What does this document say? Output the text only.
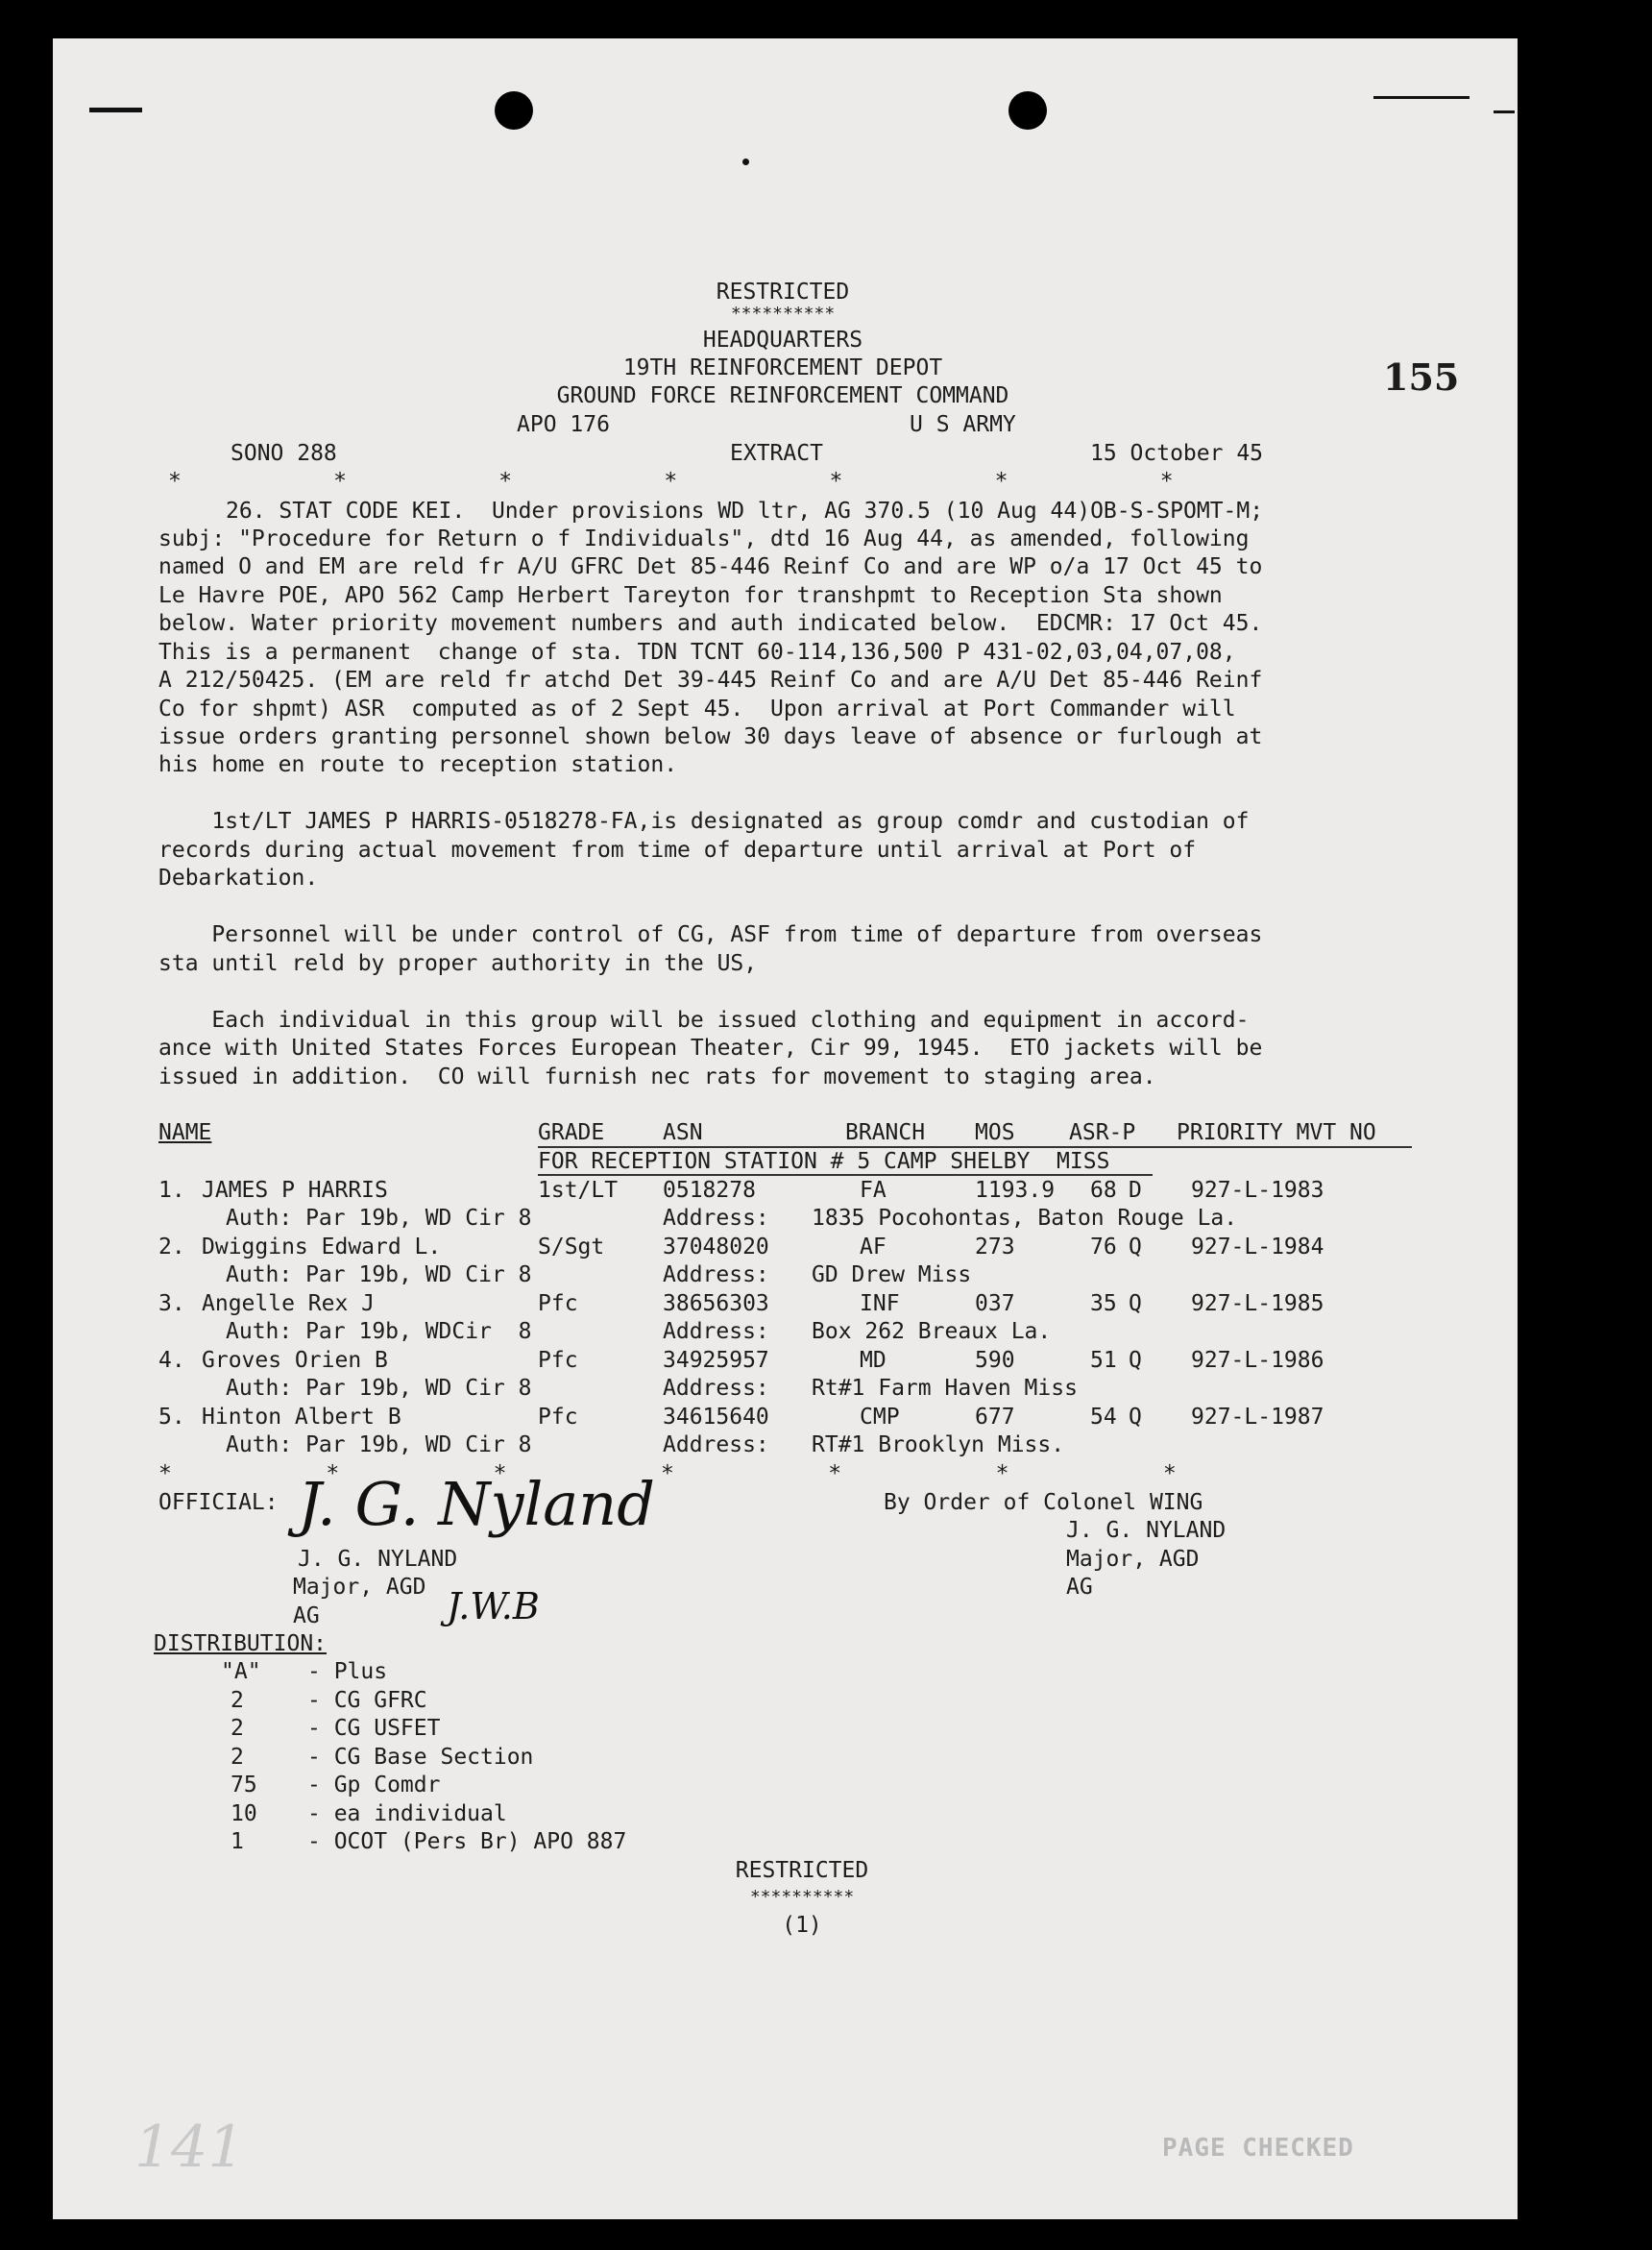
RESTRICTED
**********
HEADQUARTERS
19TH REINFORCEMENT DEPOT
GROUND FORCE REINFORCEMENT COMMAND
APO 176	U S ARMY
155
SONO 288	EXTRACT	15 October 45
*          *          *          *          *          *          *
26. STAT CODE KEI.  Under provisions WD ltr, AG 370.5 (10 Aug 44)OB-S-SPOMT-M;
subj: "Procedure for Return o f Individuals", dtd 16 Aug 44, as amended, following
named O and EM are reld fr A/U GFRC Det 85-446 Reinf Co and are WP o/a 17 Oct 45 to
Le Havre POE, APO 562 Camp Herbert Tareyton for transhpmt to Reception Sta shown
below. Water priority movement numbers and auth indicated below.  EDCMR: 17 Oct 45.
This is a permanent  change of sta. TDN TCNT 60-114,136,500 P 431-02,03,04,07,08,
A 212/50425. (EM are reld fr atchd Det 39-445 Reinf Co and are A/U Det 85-446 Reinf
Co for shpmt) ASR  computed as of 2 Sept 45.  Upon arrival at Port Commander will
issue orders granting personnel shown below 30 days leave of absence or furlough at
his home en route to reception station.
1st/LT JAMES P HARRIS-0518278-FA,is designated as group comdr and custodian of
records during actual movement from time of departure until arrival at Port of
Debarkation.
Personnel will be under control of CG, ASF from time of departure from overseas
sta until reld by proper authority in the US,
Each individual in this group will be issued clothing and equipment in accord-
ance with United States Forces European Theater, Cir 99, 1945.  ETO jackets will be
issued in addition.  CO will furnish nec rats for movement to staging area.
NAME	GRADE	ASN	BRANCH MOS ASR-P PRIORITY MVT NO
FOR RECEPTION STATION # 5 CAMP SHELBY  MISS
1. JAMES P HARRIS	1st/LT 0518278	FA	1193.9 68 D 927-L-1983
Auth: Par 19b, WD Cir 8	Address: 1835 Pocohontas, Baton Rouge La.
2. Dwiggins Edward L.	S/Sgt	37048020	AF	273	76 Q 927-L-1984
Auth: Par 19b, WD Cir 8	Address: GD Drew Miss
3. Angelle Rex J	Pfc	38656303	INF	037	35 Q 927-L-1985
Auth: Par 19b, WDCir  8	Address: Box 262 Breaux La.
4. Groves Orien B	Pfc	34925957	MD	590	51 Q 927-L-1986
Auth: Par 19b, WD Cir 8	Address: Rt#1 Farm Haven Miss
5. Hinton Albert B	Pfc	34615640	CMP	677	54 Q 927-L-1987
Auth: Par 19b, WD Cir 8	Address: RT#1 Brooklyn Miss.
*          *          *          *          *          *          *
OFFICIAL: J. G. Nyland
J. G. NYLAND
Major, AGD
AG	J.W.B
By Order of Colonel WING
J. G. NYLAND
Major, AGD
AG
DISTRIBUTION:
"A" - Plus
2	- CG GFRC
2	- CG USFET
2	- CG Base Section
75 - Gp Comdr
10 - ea individual
1	- OCOT (Pers Br) APO 887
RESTRICTED
**********
(1)
PAGE CHECKED
141
